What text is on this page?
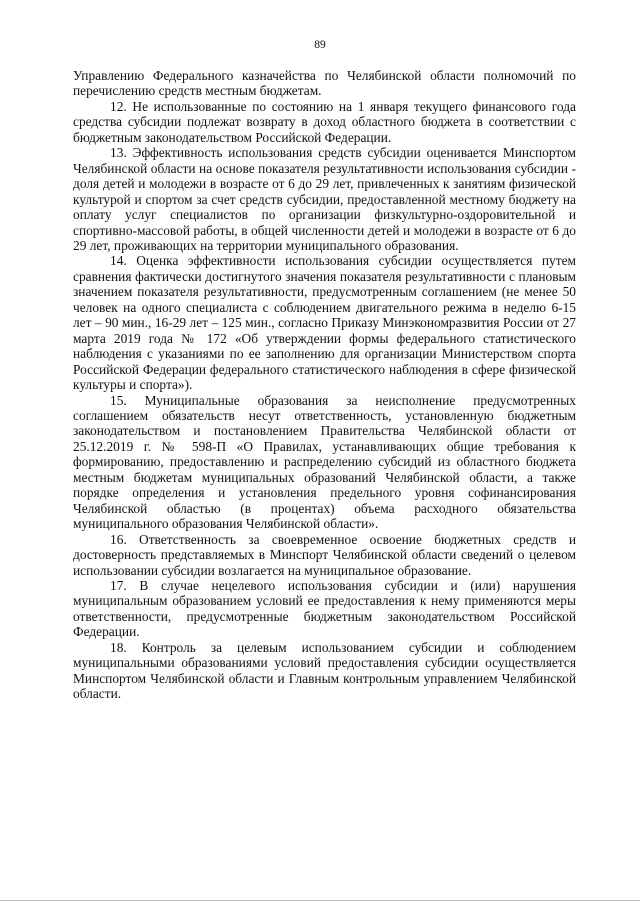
89

Управлению Федерального казначейства по Челябинской области полномочий по перечислению средств местным бюджетам.

12. Не использованные по состоянию на 1 января текущего финансового года средства субсидии подлежат возврату в доход областного бюджета в соответствии с бюджетным законодательством Российской Федерации.

13. Эффективность использования средств субсидии оценивается Минспортом Челябинской области на основе показателя результативности использования субсидии - доля детей и молодежи в возрасте от 6 до 29 лет, привлеченных к занятиям физической культурой и спортом за счет средств субсидии, предоставленной местному бюджету на оплату услуг специалистов по организации физкультурно-оздоровительной и спортивно-массовой работы, в общей численности детей и молодежи в возрасте от 6 до 29 лет, проживающих на территории муниципального образования.

14. Оценка эффективности использования субсидии осуществляется путем сравнения фактически достигнутого значения показателя результативности с плановым значением показателя результативности, предусмотренным соглашением (не менее 50 человек на одного специалиста с соблюдением двигательного режима в неделю 6-15 лет – 90 мин., 16-29 лет – 125 мин., согласно Приказу Минэкономразвития России от 27 марта 2019 года № 172 «Об утверждении формы федерального статистического наблюдения с указаниями по ее заполнению для организации Министерством спорта Российской Федерации федерального статистического наблюдения в сфере физической культуры и спорта»).

15. Муниципальные образования за неисполнение предусмотренных соглашением обязательств несут ответственность, установленную бюджетным законодательством и постановлением Правительства Челябинской области от 25.12.2019 г. № 598-П «О Правилах, устанавливающих общие требования к формированию, предоставлению и распределению субсидий из областного бюджета местным бюджетам муниципальных образований Челябинской области, а также порядке определения и установления предельного уровня софинансирования Челябинской областью (в процентах) объема расходного обязательства муниципального образования Челябинской области».

16. Ответственность за своевременное освоение бюджетных средств и достоверность представляемых в Минспорт Челябинской области сведений о целевом использовании субсидии возлагается на муниципальное образование.

17. В случае нецелевого использования субсидии и (или) нарушения муниципальным образованием условий ее предоставления к нему применяются меры ответственности, предусмотренные бюджетным законодательством Российской Федерации.

18. Контроль за целевым использованием субсидии и соблюдением муниципальными образованиями условий предоставления субсидии осуществляется Минспортом Челябинской области и Главным контрольным управлением Челябинской области.
